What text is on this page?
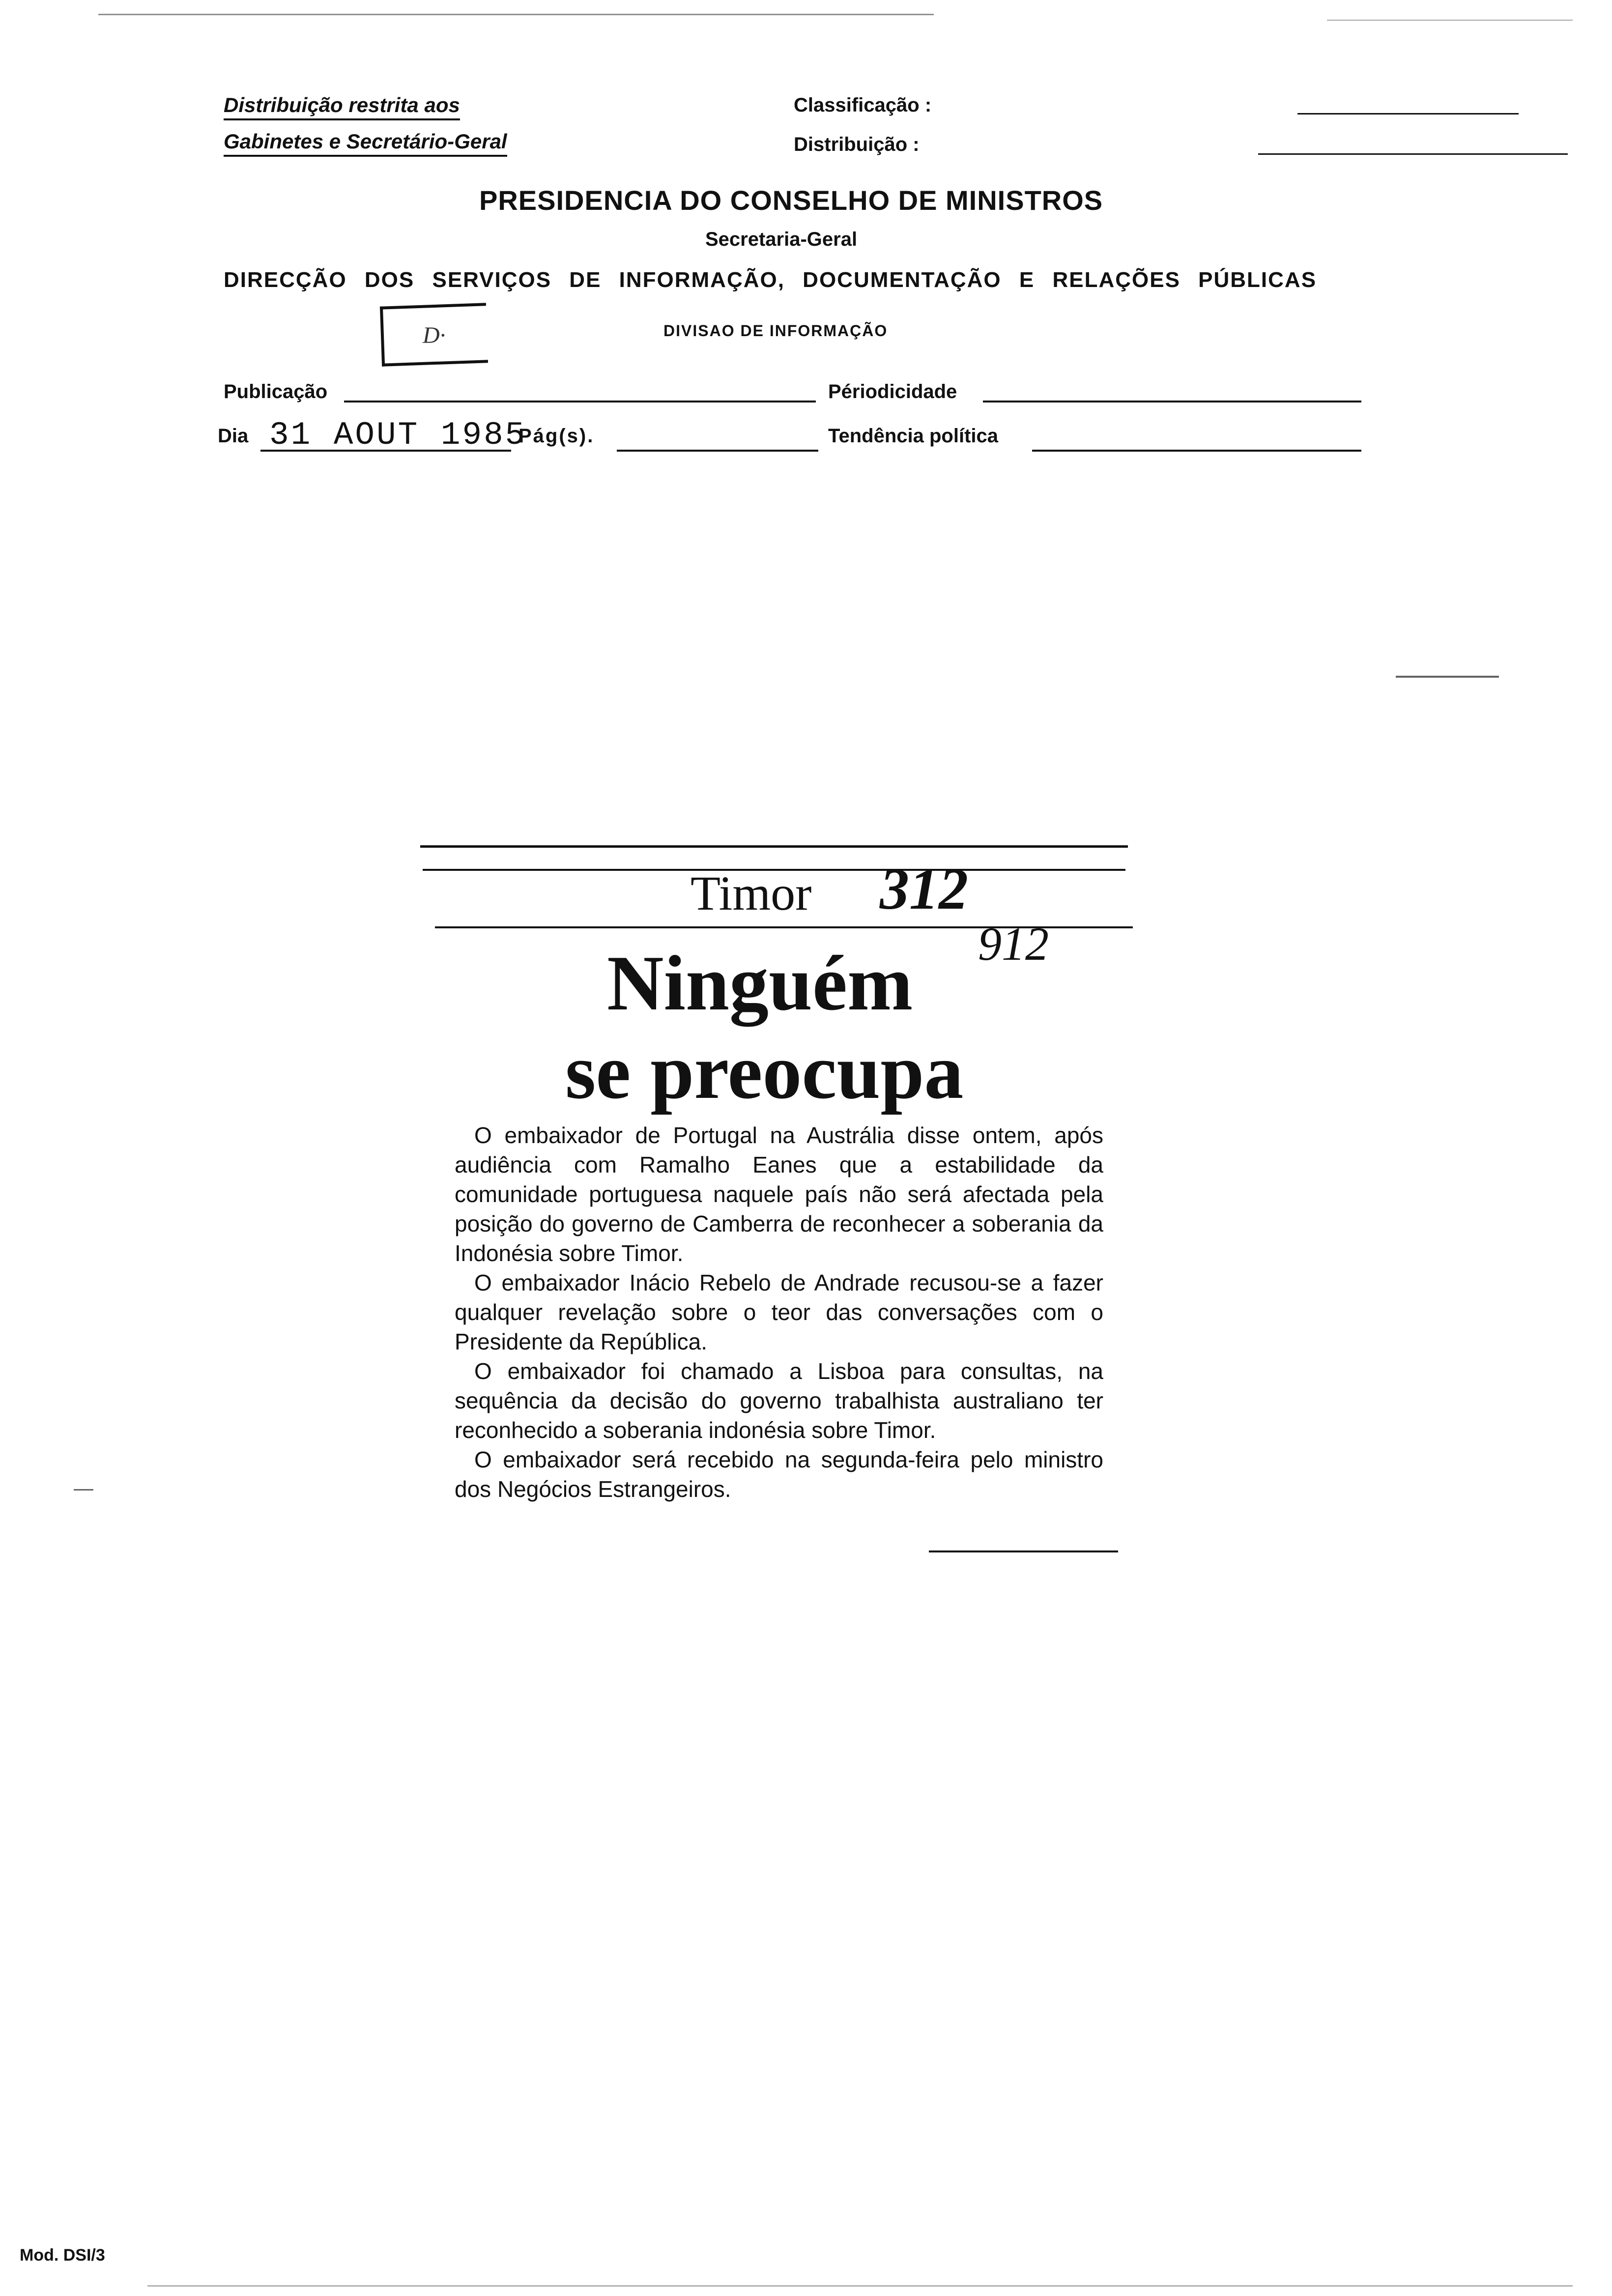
Distribuição restrita aos
Gabinetes e Secretário-Geral
Classificação :
Distribuição :
PRESIDENCIA DO CONSELHO DE MINISTROS
Secretaria-Geral
DIRECÇÃO DOS SERVIÇOS DE INFORMAÇÃO, DOCUMENTAÇÃO E RELAÇÕES PÚBLICAS
D·	DIVISAO DE INFORMAÇÃO
Publicação	Périodicidade
Dia 31 AOUT 1985
Pág(s).	Tendência política
Timor 312
912
Ninguém
se preocupa

O embaixador de Portugal na Austrália disse ontem, após audiência com Ramalho Eanes que a estabilidade da comunidade portuguesa naquele país não será afectada pela posição do governo de Camberra de reconhecer a soberania da Indonésia sobre Timor.

O embaixador Inácio Rebelo de Andrade recusou-se a fazer qualquer revelação sobre o teor das conversações com o Presidente da República.

O embaixador foi chamado a Lisboa para consultas, na sequência da decisão do governo trabalhista australiano ter reconhecido a soberania indonésia sobre Timor.

O embaixador será recebido na segunda-feira pelo ministro dos Negócios Estrangeiros.

Mod. DSI/3
